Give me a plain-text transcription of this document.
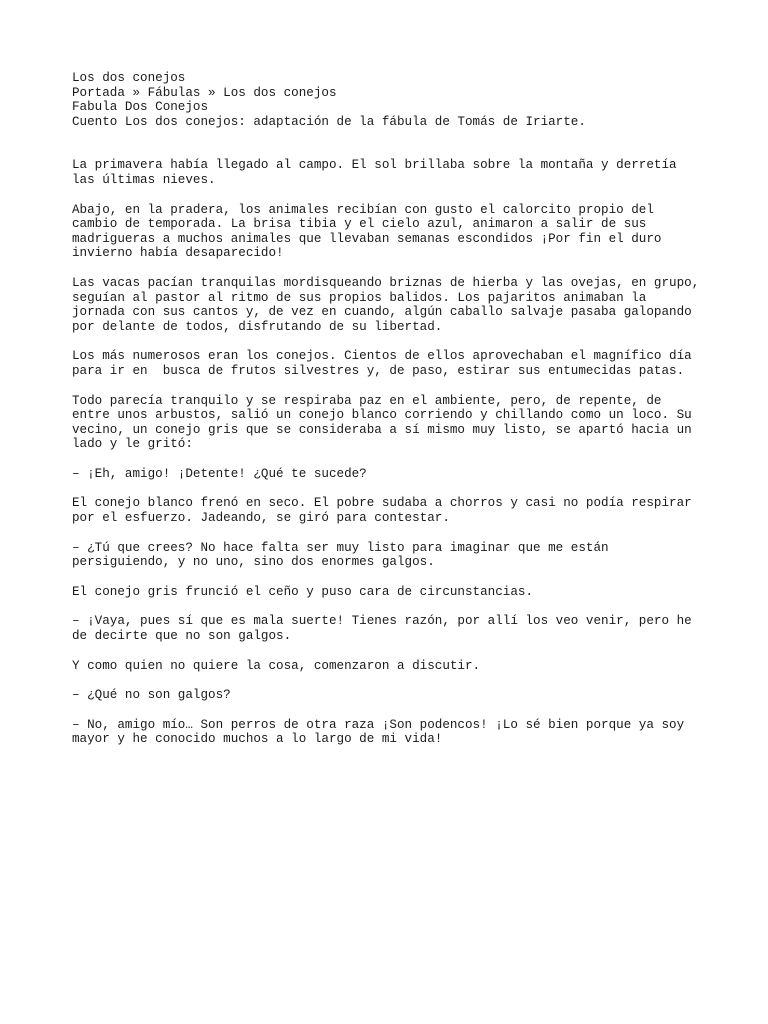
Los dos conejos
Portada » Fábulas » Los dos conejos
Fabula Dos Conejos
Cuento Los dos conejos: adaptación de la fábula de Tomás de Iriarte.
La primavera había llegado al campo. El sol brillaba sobre la montaña y derretía
las últimas nieves.
Abajo, en la pradera, los animales recibían con gusto el calorcito propio del
cambio de temporada. La brisa tibia y el cielo azul, animaron a salir de sus
madrigueras a muchos animales que llevaban semanas escondidos ¡Por fin el duro
invierno había desaparecido!
Las vacas pacían tranquilas mordisqueando briznas de hierba y las ovejas, en grupo,
seguían al pastor al ritmo de sus propios balidos. Los pajaritos animaban la
jornada con sus cantos y, de vez en cuando, algún caballo salvaje pasaba galopando
por delante de todos, disfrutando de su libertad.
Los más numerosos eran los conejos. Cientos de ellos aprovechaban el magnífico día
para ir en  busca de frutos silvestres y, de paso, estirar sus entumecidas patas.
Todo parecía tranquilo y se respiraba paz en el ambiente, pero, de repente, de
entre unos arbustos, salió un conejo blanco corriendo y chillando como un loco. Su
vecino, un conejo gris que se consideraba a sí mismo muy listo, se apartó hacia un
lado y le gritó:
– ¡Eh, amigo! ¡Detente! ¿Qué te sucede?
El conejo blanco frenó en seco. El pobre sudaba a chorros y casi no podía respirar
por el esfuerzo. Jadeando, se giró para contestar.
– ¿Tú que crees? No hace falta ser muy listo para imaginar que me están
persiguiendo, y no uno, sino dos enormes galgos.
El conejo gris frunció el ceño y puso cara de circunstancias.
– ¡Vaya, pues sí que es mala suerte! Tienes razón, por allí los veo venir, pero he
de decirte que no son galgos.
Y como quien no quiere la cosa, comenzaron a discutir.
– ¿Qué no son galgos?
– No, amigo mío… Son perros de otra raza ¡Son podencos! ¡Lo sé bien porque ya soy
mayor y he conocido muchos a lo largo de mi vida!
